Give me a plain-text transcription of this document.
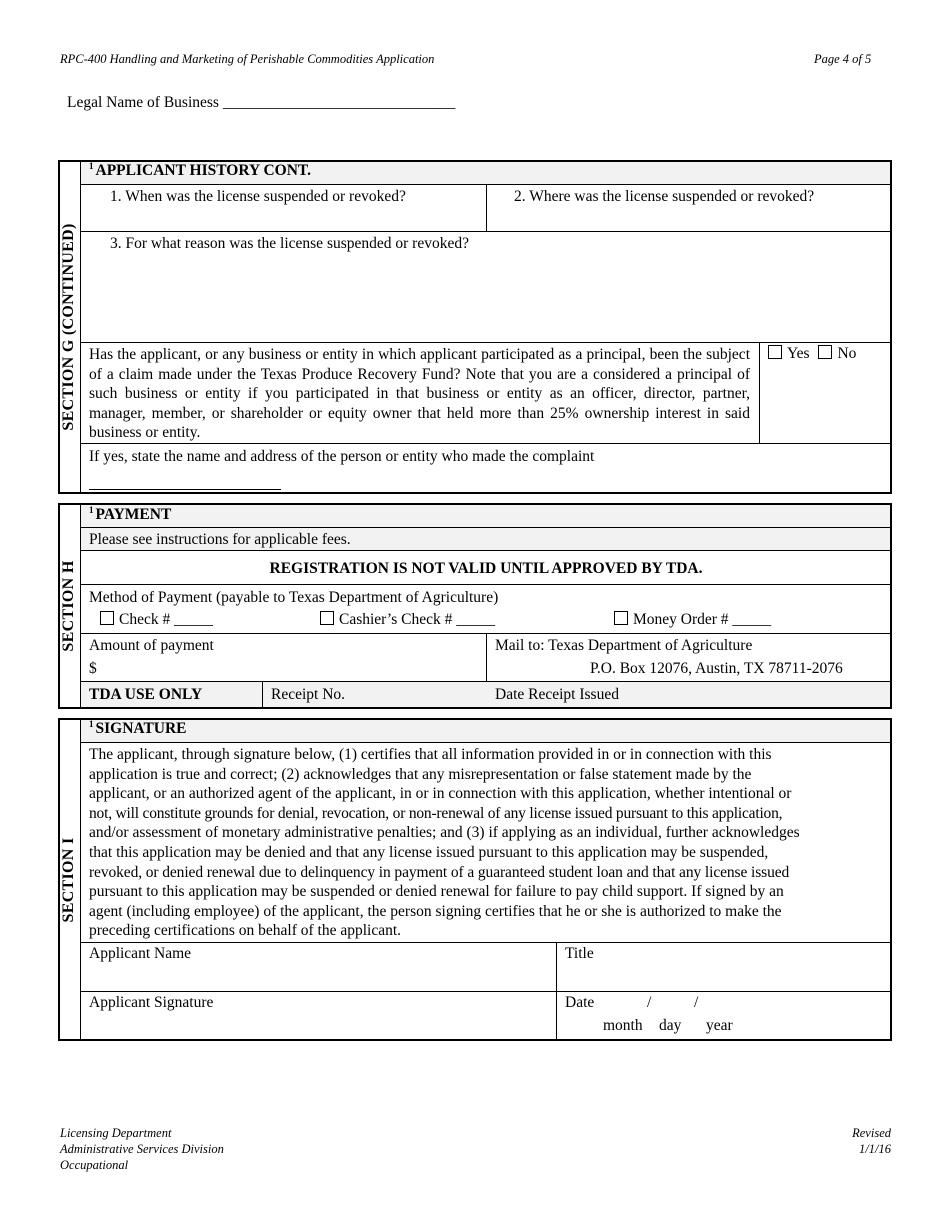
RPC-400 Handling and Marketing of Perishable Commodities Application	Page 4 of 5
Legal Name of Business ______________________________
SECTION G (CONTINUED)
$^1$ APPLICANT HISTORY CONT.
1. When was the license suspended or revoked?	2. Where was the license suspended or revoked?
3. For what reason was the license suspended or revoked?
Has the applicant, or any business or entity in which applicant participated as a principal, been the subject of a claim made under the Texas Produce Recovery Fund? Note that you are a considered a principal of such business or entity if you participated in that business or entity as an officer, director, partner, manager, member, or shareholder or equity owner that held more than 25% ownership interest in said business or entity.
Yes No
If yes, state the name and address of the person or entity who made the complaint
SECTION H
$^1$ PAYMENT
Please see instructions for applicable fees.
REGISTRATION IS NOT VALID UNTIL APPROVED BY TDA.
Method of Payment (payable to Texas Department of Agriculture)
Check # _____	Cashier’s Check # _____	Money Order # _____
Amount of payment
$
Mail to: Texas Department of Agriculture
P.O. Box 12076, Austin, TX 78711-2076
TDA USE ONLY	Receipt No.	Date Receipt Issued
SECTION I
$^1$ SIGNATURE
The applicant, through signature below, (1) certifies that all information provided in or in connection with this
application is true and correct; (2) acknowledges that any misrepresentation or false statement made by the
applicant, or an authorized agent of the applicant, in or in connection with this application, whether intentional or
not, will constitute grounds for denial, revocation, or non-renewal of any license issued pursuant to this application,
and/or assessment of monetary administrative penalties; and (3) if applying as an individual, further acknowledges
that this application may be denied and that any license issued pursuant to this application may be suspended,
revoked, or denied renewal due to delinquency in payment of a guaranteed student loan and that any license issued
pursuant to this application may be suspended or denied renewal for failure to pay child support. If signed by an
agent (including employee) of the applicant, the person signing certifies that he or she is authorized to make the
preceding certifications on behalf of the applicant.
Applicant Name	Title
Applicant Signature	Date	/	/
month day year
Licensing Department
Administrative Services Division
Occupational
Revised
1/1/16
